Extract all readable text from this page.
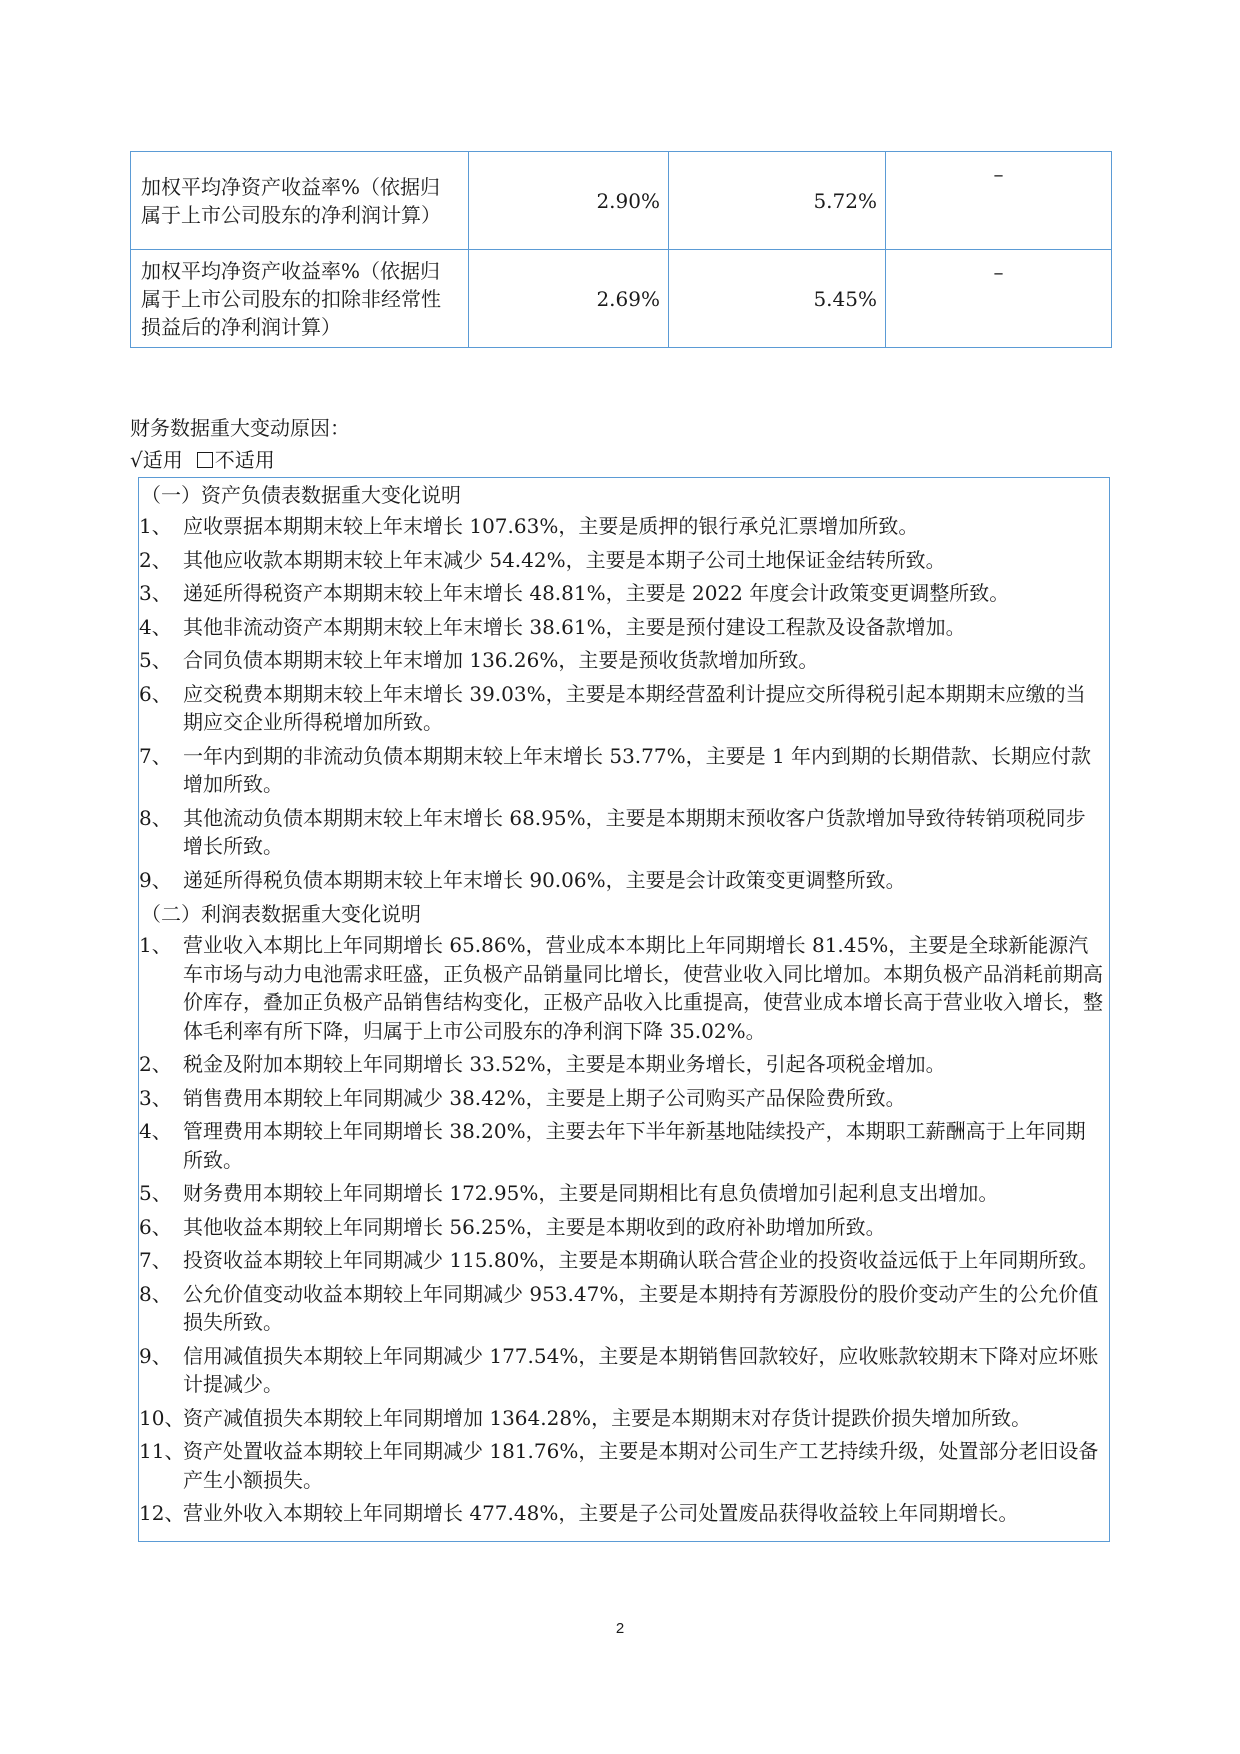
加权平均净资产收益率%（依据归属于上市公司股东的净利润计算）	2.90%	5.72%	–
加权平均净资产收益率%（依据归属于上市公司股东的扣除非经常性损益后的净利润计算）	2.69%	5.45%	–
财务数据重大变动原因：
√适用 不适用
（一）资产负债表数据重大变化说明
1、 应收票据本期期末较上年末增长 107.63%，主要是质押的银行承兑汇票增加所致。
2、 其他应收款本期期末较上年末减少 54.42%，主要是本期子公司土地保证金结转所致。
3、 递延所得税资产本期期末较上年末增长 48.81%，主要是 2022 年度会计政策变更调整所致。
4、 其他非流动资产本期期末较上年末增长 38.61%，主要是预付建设工程款及设备款增加。
5、 合同负债本期期末较上年末增加 136.26%，主要是预收货款增加所致。
6、 应交税费本期期末较上年末增长 39.03%，主要是本期经营盈利计提应交所得税引起本期期末应缴的当期应交企业所得税增加所致。
7、 一年内到期的非流动负债本期期末较上年末增长 53.77%，主要是 1 年内到期的长期借款、长期应付款增加所致。
8、 其他流动负债本期期末较上年末增长 68.95%，主要是本期期末预收客户货款增加导致待转销项税同步增长所致。
9、 递延所得税负债本期期末较上年末增长 90.06%，主要是会计政策变更调整所致。
（二）利润表数据重大变化说明
1、 营业收入本期比上年同期增长 65.86%，营业成本本期比上年同期增长 81.45%，主要是全球新能源汽车市场与动力电池需求旺盛，正负极产品销量同比增长，使营业收入同比增加。本期负极产品消耗前期高价库存，叠加正负极产品销售结构变化，正极产品收入比重提高，使营业成本增长高于营业收入增长，整体毛利率有所下降，归属于上市公司股东的净利润下降 35.02%。
2、 税金及附加本期较上年同期增长 33.52%，主要是本期业务增长，引起各项税金增加。
3、 销售费用本期较上年同期减少 38.42%，主要是上期子公司购买产品保险费所致。
4、 管理费用本期较上年同期增长 38.20%，主要去年下半年新基地陆续投产，本期职工薪酬高于上年同期所致。
5、 财务费用本期较上年同期增长 172.95%，主要是同期相比有息负债增加引起利息支出增加。
6、 其他收益本期较上年同期增长 56.25%，主要是本期收到的政府补助增加所致。
7、 投资收益本期较上年同期减少 115.80%，主要是本期确认联合营企业的投资收益远低于上年同期所致。
8、 公允价值变动收益本期较上年同期减少 953.47%，主要是本期持有芳源股份的股价变动产生的公允价值损失所致。
9、 信用减值损失本期较上年同期减少 177.54%，主要是本期销售回款较好，应收账款较期末下降对应坏账计提减少。
10、
资产减值损失本期较上年同期增加 1364.28%，主要是本期期末对存货计提跌价损失增加所致。
11、
资产处置收益本期较上年同期减少 181.76%，主要是本期对公司生产工艺持续升级，处置部分老旧设备产生小额损失。
12、
营业外收入本期较上年同期增长 477.48%，主要是子公司处置废品获得收益较上年同期增长。
2
